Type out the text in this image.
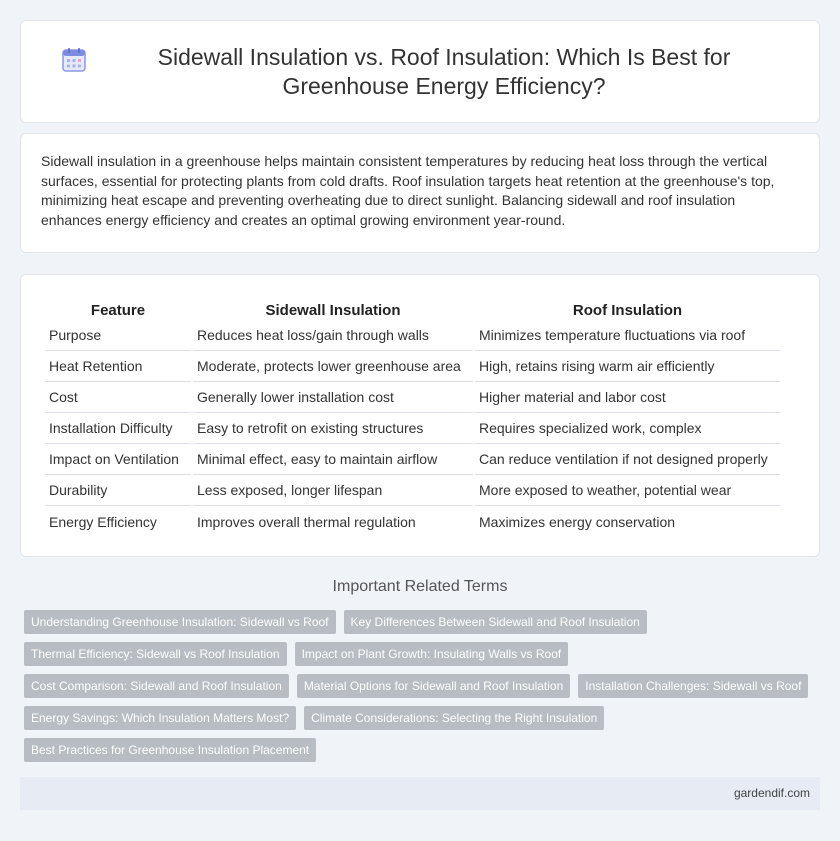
Sidewall Insulation vs. Roof Insulation: Which Is Best for Greenhouse Energy Efficiency?

Sidewall insulation in a greenhouse helps maintain consistent temperatures by reducing heat loss through the vertical surfaces, essential for protecting plants from cold drafts. Roof insulation targets heat retention at the greenhouse's top, minimizing heat escape and preventing overheating due to direct sunlight. Balancing sidewall and roof insulation enhances energy efficiency and creates an optimal growing environment year-round.

Feature	Sidewall Insulation	Roof Insulation
Purpose	Reduces heat loss/gain through walls	Minimizes temperature fluctuations via roof
Heat Retention	Moderate, protects lower greenhouse area	High, retains rising warm air efficiently
Cost	Generally lower installation cost	Higher material and labor cost
Installation Difficulty	Easy to retrofit on existing structures	Requires specialized work, complex
Impact on Ventilation	Minimal effect, easy to maintain airflow	Can reduce ventilation if not designed properly
Durability	Less exposed, longer lifespan	More exposed to weather, potential wear
Energy Efficiency	Improves overall thermal regulation	Maximizes energy conservation
Important Related Terms
Understanding Greenhouse Insulation: Sidewall vs Roof	Key Differences Between Sidewall and Roof Insulation
Thermal Efficiency: Sidewall vs Roof Insulation	Impact on Plant Growth: Insulating Walls vs Roof
Cost Comparison: Sidewall and Roof Insulation	Material Options for Sidewall and Roof Insulation	Installation Challenges: Sidewall vs Roof
Energy Savings: Which Insulation Matters Most?	Climate Considerations: Selecting the Right Insulation
Best Practices for Greenhouse Insulation Placement
gardendif.com
